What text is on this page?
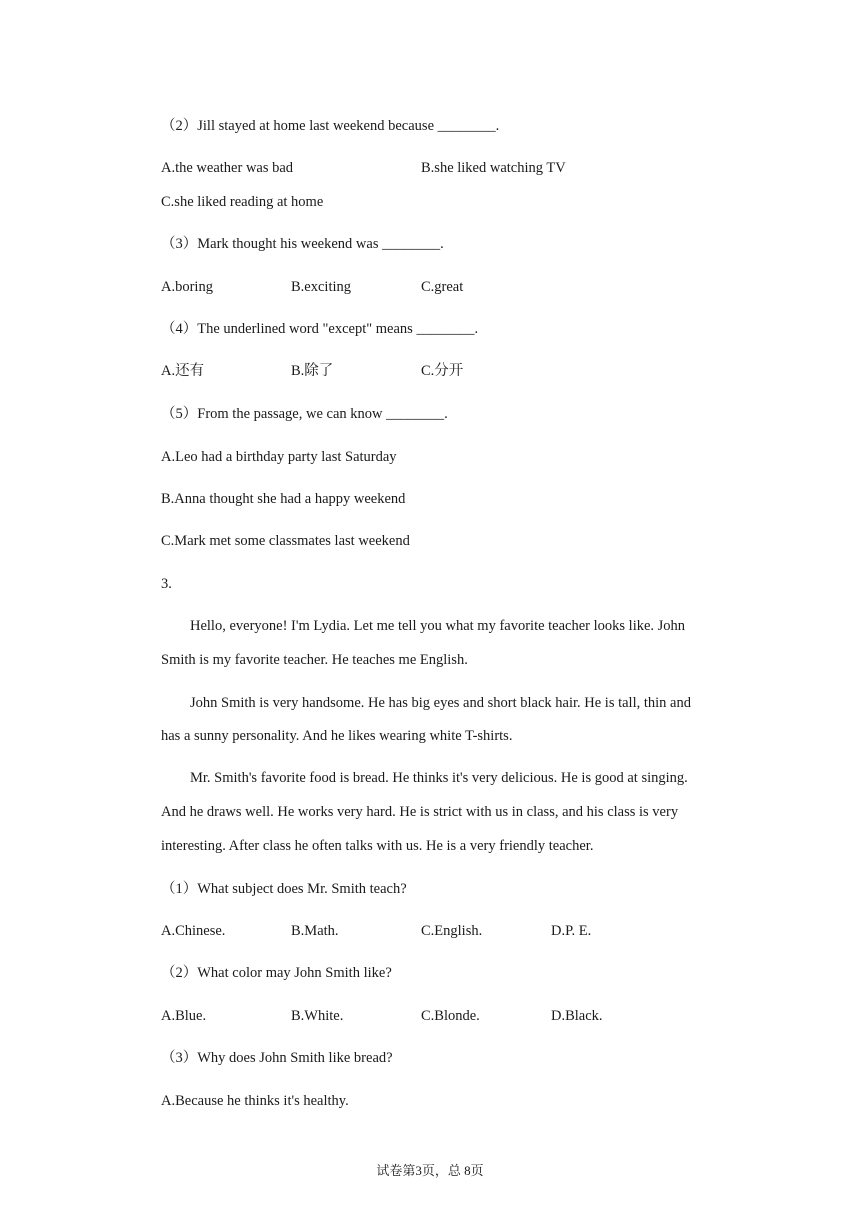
（2）Jill stayed at home last weekend because ________.
A.the weather was bad	B.she liked watching TV
C.she liked reading at home
（3）Mark thought his weekend was ________.
A.boring	B.exciting	C.great
（4）The underlined word "except" means ________.
A.还有	B.除了	C.分开
（5）From the passage, we can know ________.
A.Leo had a birthday party last Saturday
B.Anna thought she had a happy weekend
C.Mark met some classmates last weekend
3.
Hello, everyone! I'm Lydia. Let me tell you what my favorite teacher looks like. John
Smith is my favorite teacher. He teaches me English.
John Smith is very handsome. He has big eyes and short black hair. He is tall, thin and
has a sunny personality. And he likes wearing white T-shirts.
Mr. Smith's favorite food is bread. He thinks it's very delicious. He is good at singing.
And he draws well. He works very hard. He is strict with us in class, and his class is very
interesting. After class he often talks with us. He is a very friendly teacher.
（1）What subject does Mr. Smith teach?
A.Chinese.	B.Math.	C.English.	D.P. E.
（2）What color may John Smith like?
A.Blue.	B.White.	C.Blonde.	D.Black.
（3）Why does John Smith like bread?
A.Because he thinks it's healthy.
试卷第3页，总 8页
